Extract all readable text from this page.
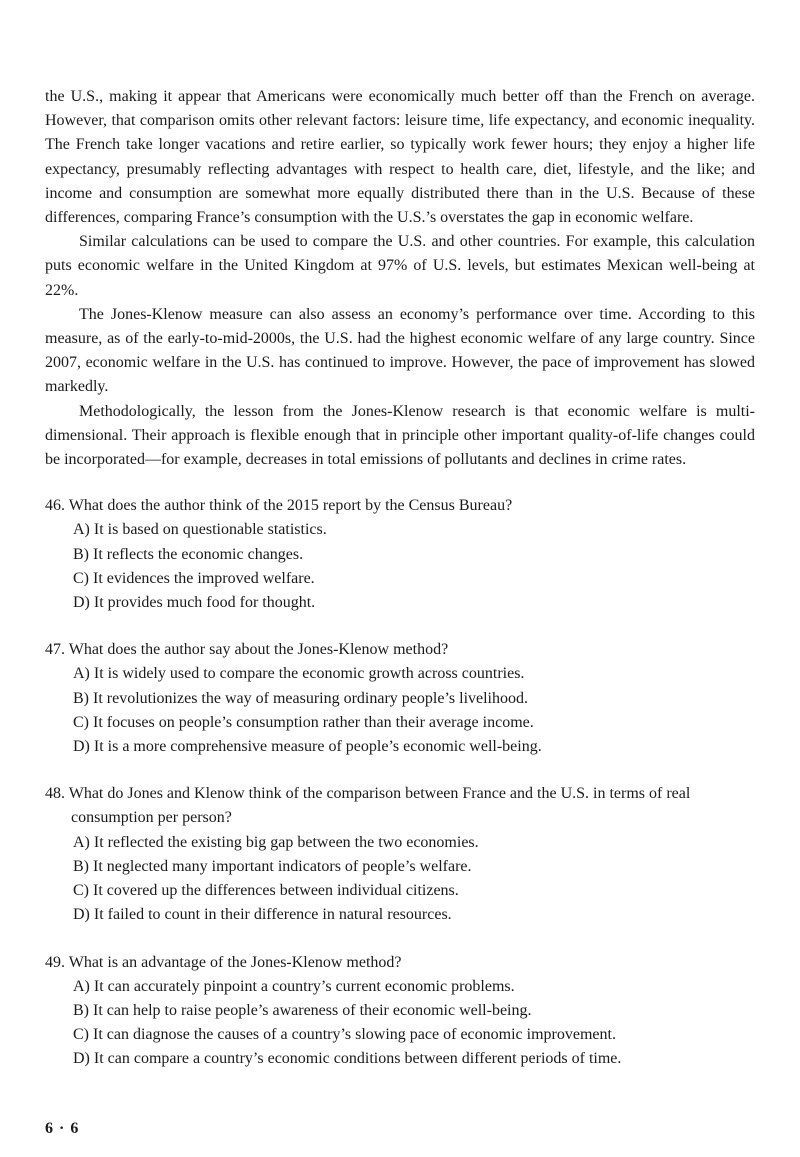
the U.S., making it appear that Americans were economically much better off than the French on average. However, that comparison omits other relevant factors: leisure time, life expectancy, and economic inequality. The French take longer vacations and retire earlier, so typically work fewer hours; they enjoy a higher life expectancy, presumably reflecting advantages with respect to health care, diet, lifestyle, and the like; and income and consumption are somewhat more equally distributed there than in the U.S. Because of these differences, comparing France’s consumption with the U.S.’s overstates the gap in economic welfare.

Similar calculations can be used to compare the U.S. and other countries. For example, this calculation puts economic welfare in the United Kingdom at 97% of U.S. levels, but estimates Mexican well-being at 22%.

The Jones-Klenow measure can also assess an economy’s performance over time. According to this measure, as of the early-to-mid-2000s, the U.S. had the highest economic welfare of any large country. Since 2007, economic welfare in the U.S. has continued to improve. However, the pace of improvement has slowed markedly.

Methodologically, the lesson from the Jones-Klenow research is that economic welfare is multi-dimensional. Their approach is flexible enough that in principle other important quality-of-life changes could be incorporated—for example, decreases in total emissions of pollutants and declines in crime rates.

46. What does the author think of the 2015 report by the Census Bureau?
A) It is based on questionable statistics.
B) It reflects the economic changes.
C) It evidences the improved welfare.
D) It provides much food for thought.
47. What does the author say about the Jones-Klenow method?
A) It is widely used to compare the economic growth across countries.
B) It revolutionizes the way of measuring ordinary people’s livelihood.
C) It focuses on people’s consumption rather than their average income.
D) It is a more comprehensive measure of people’s economic well-being.
48. What do Jones and Klenow think of the comparison between France and the U.S. in terms of real consumption per person?
A) It reflected the existing big gap between the two economies.
B) It neglected many important indicators of people’s welfare.
C) It covered up the differences between individual citizens.
D) It failed to count in their difference in natural resources.
49. What is an advantage of the Jones-Klenow method?
A) It can accurately pinpoint a country’s current economic problems.
B) It can help to raise people’s awareness of their economic well-being.
C) It can diagnose the causes of a country’s slowing pace of economic improvement.
D) It can compare a country’s economic conditions between different periods of time.
6 · 6
